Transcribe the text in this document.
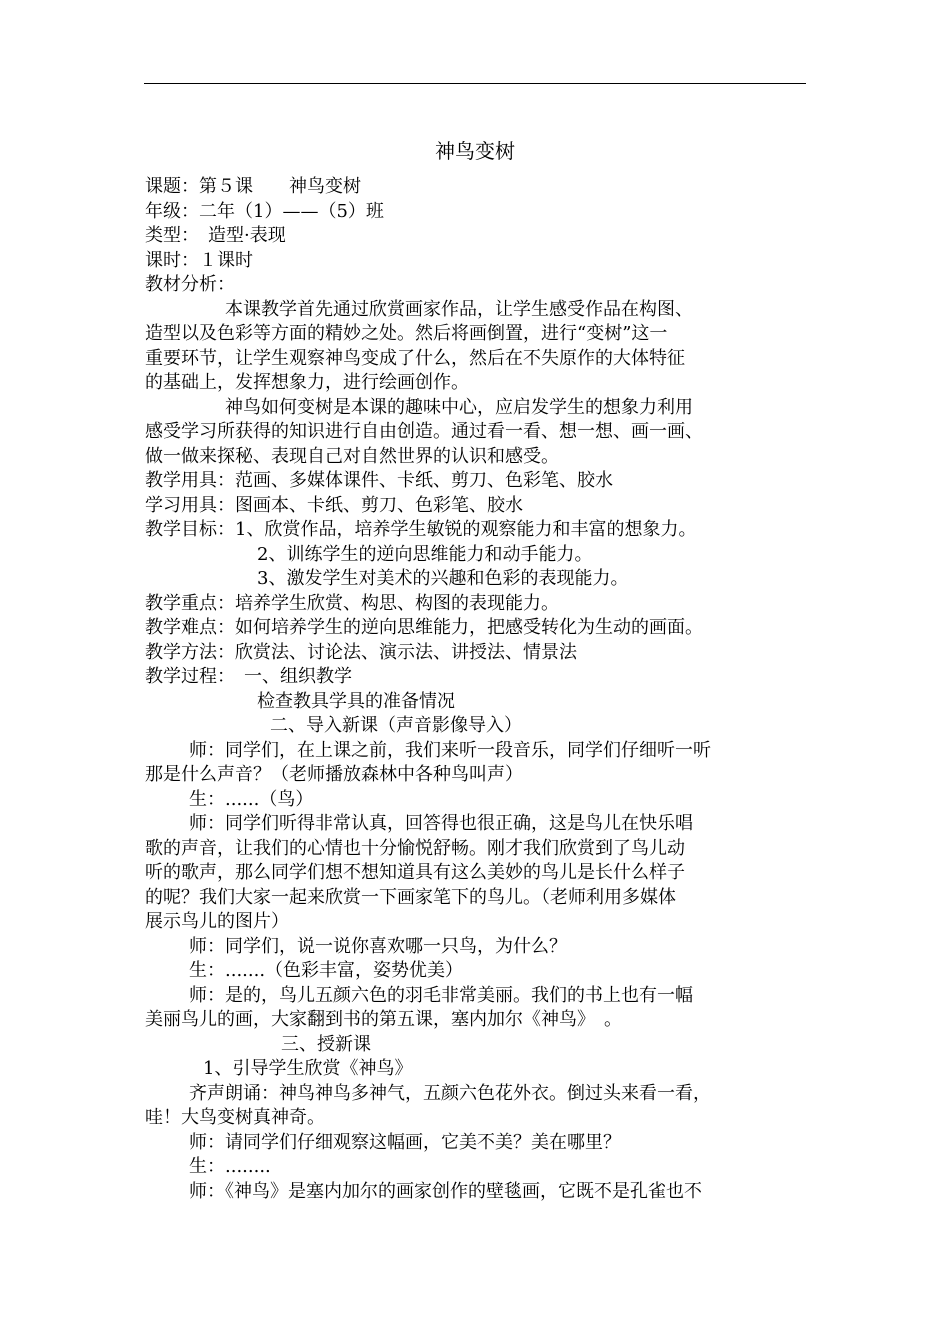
神鸟变树
课题：第５课　　神鸟变树
年级：二年（1）——（5）班
类型：　造型·表现
课时：１课时
教材分析：
本课教学首先通过欣赏画家作品，让学生感受作品在构图、
造型以及色彩等方面的精妙之处。然后将画倒置，进行“变树”这一
重要环节，让学生观察神鸟变成了什么，然后在不失原作的大体特征
的基础上，发挥想象力，进行绘画创作。
神鸟如何变树是本课的趣味中心，应启发学生的想象力利用
感受学习所获得的知识进行自由创造。通过看一看、想一想、画一画、
做一做来探秘、表现自己对自然世界的认识和感受。
教学用具：范画、多媒体课件、卡纸、剪刀、色彩笔、胶水
学习用具：图画本、卡纸、剪刀、色彩笔、胶水
教学目标：1、欣赏作品，培养学生敏锐的观察能力和丰富的想象力。
2、训练学生的逆向思维能力和动手能力。
3、激发学生对美术的兴趣和色彩的表现能力。
教学重点：培养学生欣赏、构思、构图的表现能力。
教学难点：如何培养学生的逆向思维能力，把感受转化为生动的画面。
教学方法：欣赏法、讨论法、演示法、讲授法、情景法
教学过程：　一、组织教学
检查教具学具的准备情况
二、导入新课（声音影像导入）
师：同学们，在上课之前，我们来听一段音乐，同学们仔细听一听
那是什么声音？（老师播放森林中各种鸟叫声）
生：......（鸟）
师：同学们听得非常认真，回答得也很正确，这是鸟儿在快乐唱
歌的声音，让我们的心情也十分愉悦舒畅。刚才我们欣赏到了鸟儿动
听的歌声，那么同学们想不想知道具有这么美妙的鸟儿是长什么样子
的呢？我们大家一起来欣赏一下画家笔下的鸟儿。（老师利用多媒体
展示鸟儿的图片）
师：同学们，说一说你喜欢哪一只鸟，为什么？
生：.......（色彩丰富，姿势优美）
师：是的，鸟儿五颜六色的羽毛非常美丽。我们的书上也有一幅
美丽鸟儿的画，大家翻到书的第五课，塞内加尔《神鸟》　。
三、授新课
1、引导学生欣赏《神鸟》
齐声朗诵：神鸟神鸟多神气，五颜六色花外衣。倒过头来看一看，
哇！大鸟变树真神奇。
师：请同学们仔细观察这幅画，它美不美？美在哪里？
生：........
师：《神鸟》是塞内加尔的画家创作的壁毯画，它既不是孔雀也不
